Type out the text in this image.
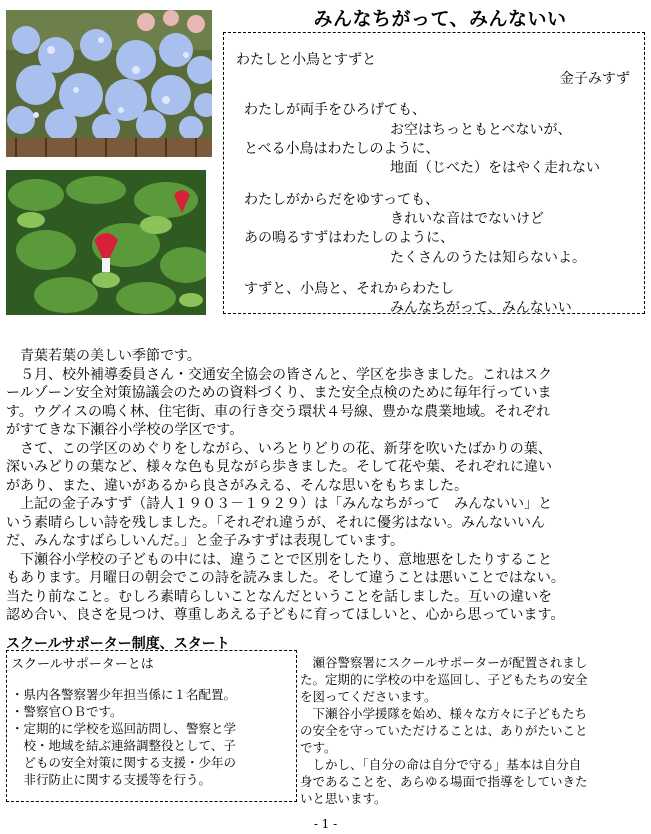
みんなちがって、みんないい
わたしと小鳥とすずと
金子みすず
わたしが両手をひろげても、
お空はちっともとべないが、
とべる小鳥はわたしのように、
地面（じべた）をはやく走れない
わたしがからだをゆすっても、
きれいな音はでないけど
あの鳴るすずはわたしのように、
たくさんのうたは知らないよ。
すずと、小鳥と、それからわたし
みんなちがって、みんないい
　青葉若葉の美しい季節です。
　５月、校外補導委員さん・交通安全協会の皆さんと、学区を歩きました。これはスク
ールゾーン安全対策協議会のための資料づくり、また安全点検のために毎年行っていま
す。ウグイスの鳴く林、住宅街、車の行き交う環状４号線、豊かな農業地域。それぞれ
がすてきな下瀬谷小学校の学区です。
　さて、この学区のめぐりをしながら、いろとりどりの花、新芽を吹いたばかりの葉、
深いみどりの葉など、様々な色も見ながら歩きました。そして花や葉、それぞれに違い
があり、また、違いがあるから良さがみえる、そんな思いをもちました。
　上記の金子みすず（詩人１９０３－１９２９）は「みんなちがって　みんないい」と
いう素晴らしい詩を残しました。「それぞれ違うが、それに優劣はない。みんないいん
だ、みんなすばらしいんだ。」と金子みすずは表現しています。
　下瀬谷小学校の子どもの中には、違うことで区別をしたり、意地悪をしたりすること
もあります。月曜日の朝会でこの詩を読みました。そして違うことは悪いことではない。
当たり前なこと。むしろ素晴らしいことなんだということを話しました。互いの違いを
認め合い、良さを見つけ、尊重しあえる子どもに育ってほしいと、心から思っています。
スクールサポーター制度、スタート
スクールサポーターとは
・県内各警察署少年担当係に１名配置。
・警察官ＯＢです。
・定期的に学校を巡回訪問し、警察と学
　校・地域を結ぶ連絡調整役として、子
　どもの安全対策に関する支援・少年の
　非行防止に関する支援等を行う。
　瀬谷警察署にスクールサポーターが配置されまし
た。定期的に学校の中を巡回し、子どもたちの安全
を図ってくださいます。
　下瀬谷小学援隊を始め、様々な方々に子どもたち
の安全を守っていただけることは、ありがたいこと
です。
　しかし、「自分の命は自分で守る」基本は自分自
身であることを、あらゆる場面で指導をしていきた
いと思います。
- 1 -
